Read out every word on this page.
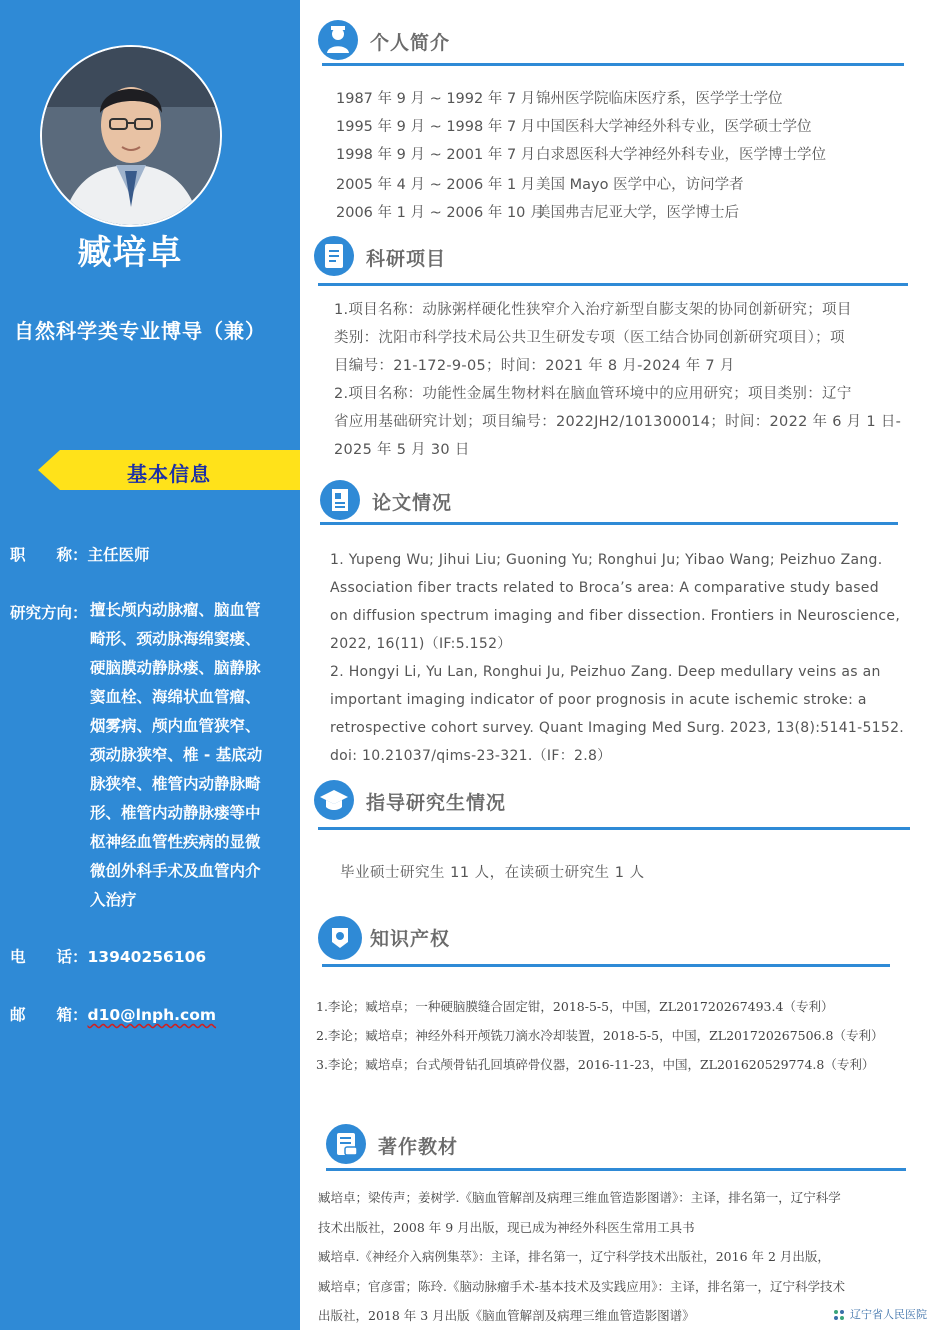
臧培卓
自然科学类专业博导（兼）
基本信息
职　　称：主任医师
研究方向： 擅长颅内动脉瘤、脑血管
畸形、颈动脉海绵窦瘘、
硬脑膜动静脉瘘、脑静脉
窦血栓、海绵状血管瘤、
烟雾病、颅内血管狭窄、
颈动脉狭窄、椎 - 基底动
脉狭窄、椎管内动静脉畸
形、椎管内动静脉瘘等中
枢神经血管性疾病的显微
微创外科手术及血管内介
入治疗
电　　话：13940256106
邮　　箱：d10@lnph.com
个人简介
1987 年 9 月 ~ 1992 年 7 月锦州医学院临床医疗系，医学学士学位
1995 年 9 月 ~ 1998 年 7 月中国医科大学神经外科专业，医学硕士学位
1998 年 9 月 ~ 2001 年 7 月白求恩医科大学神经外科专业，医学博士学位
2005 年 4 月 ~ 2006 年 1 月美国 Mayo 医学中心，访问学者
2006 年 1 月 ~ 2006 年 10 月美国弗吉尼亚大学，医学博士后
科研项目
1.项目名称：动脉粥样硬化性狭窄介入治疗新型自膨支架的协同创新研究；项目
类别：沈阳市科学技术局公共卫生研发专项（医工结合协同创新研究项目）；项
目编号：21-172-9-05；时间：2021 年 8 月-2024 年 7 月
2.项目名称：功能性金属生物材料在脑血管环境中的应用研究；项目类别：辽宁
省应用基础研究计划；项目编号：2022JH2/101300014；时间：2022 年 6 月 1 日-
2025 年 5 月 30 日
论文情况
1. Yupeng Wu; Jihui Liu; Guoning Yu; Ronghui Ju; Yibao Wang; Peizhuo Zang.
Association fiber tracts related to Broca’s area: A comparative study based
on diffusion spectrum imaging and fiber dissection. Frontiers in Neuroscience,
2022, 16(11)（IF:5.152）
2. Hongyi Li, Yu Lan, Ronghui Ju, Peizhuo Zang. Deep medullary veins as an
important imaging indicator of poor prognosis in acute ischemic stroke: a
retrospective cohort survey. Quant Imaging Med Surg. 2023, 13(8):5141-5152.
doi: 10.21037/qims-23-321.（IF：2.8）
指导研究生情况
毕业硕士研究生 11 人，在读硕士研究生 1 人
知识产权
1.李论；臧培卓；一种硬脑膜缝合固定钳，2018-5-5，中国，ZL201720267493.4（专利）
2.李论；臧培卓；神经外科开颅铣刀滴水冷却装置，2018-5-5，中国，ZL201720267506.8（专利）
3.李论；臧培卓；台式颅骨钻孔回填碎骨仪器，2016-11-23，中国，ZL201620529774.8（专利）
著作教材
臧培卓；梁传声；姜树学.《脑血管解剖及病理三维血管造影图谱》：主译，排名第一，辽宁科学
技术出版社，2008 年 9 月出版，现已成为神经外科医生常用工具书
臧培卓.《神经介入病例集萃》：主译，排名第一，辽宁科学技术出版社，2016 年 2 月出版，
臧培卓；官彦雷；陈玲.《脑动脉瘤手术-基本技术及实践应用》：主译，排名第一，辽宁科学技术
出版社，2018 年 3 月出版《脑血管解剖及病理三维血管造影图谱》	辽宁省人民医院
